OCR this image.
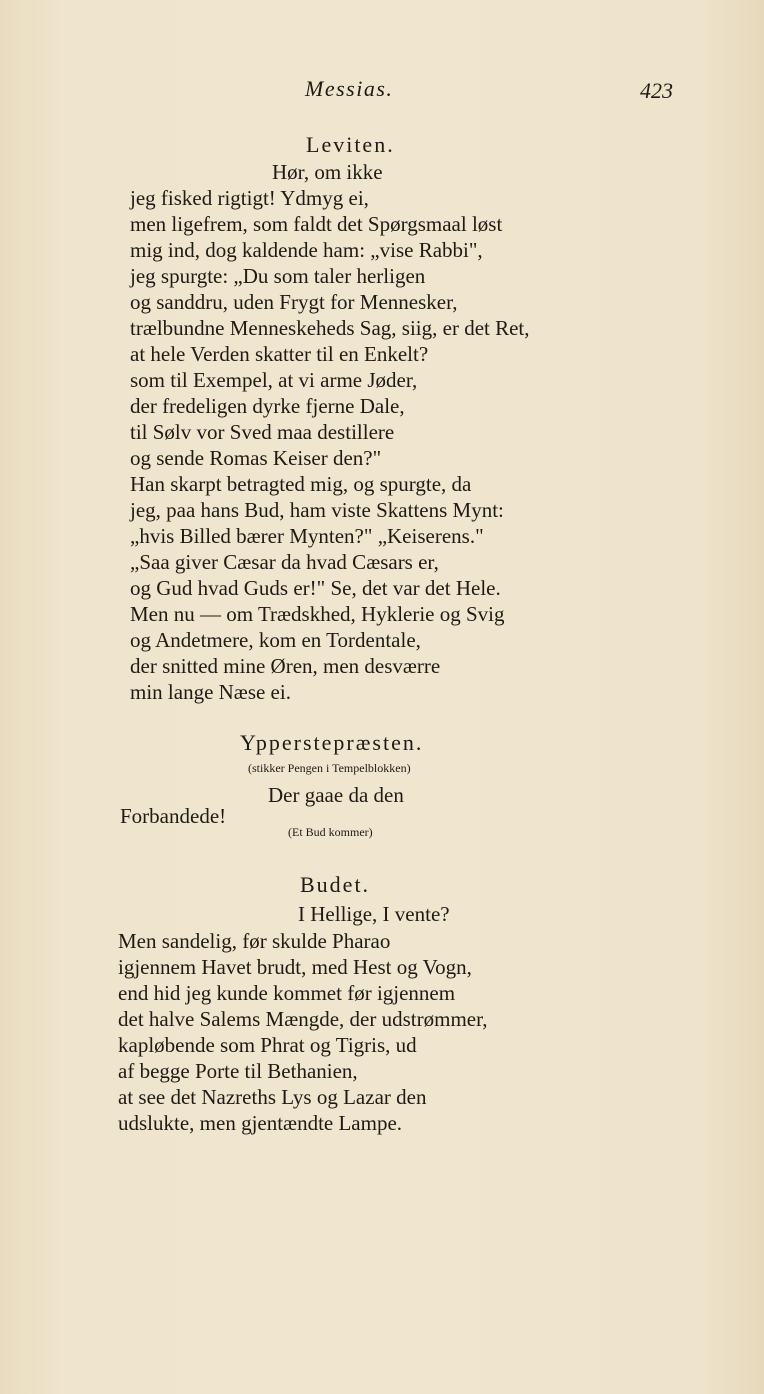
Messias.	423
Leviten.
Hør, om ikke
jeg fisked rigtigt! Ydmyg ei,
men ligefrem, som faldt det Spørgsmaal løst
mig ind, dog kaldende ham: „vise Rabbi",
jeg spurgte: „Du som taler herligen
og sanddru, uden Frygt for Mennesker,
trælbundne Menneskeheds Sag, siig, er det Ret,
at hele Verden skatter til en Enkelt?
som til Exempel, at vi arme Jøder,
der fredeligen dyrke fjerne Dale,
til Sølv vor Sved maa destillere
og sende Romas Keiser den?"
Han skarpt betragted mig, og spurgte, da
jeg, paa hans Bud, ham viste Skattens Mynt:
„hvis Billed bærer Mynten?" „Keiserens."
„Saa giver Cæsar da hvad Cæsars er,
og Gud hvad Guds er!" Se, det var det Hele.
Men nu — om Trædskhed, Hyklerie og Svig
og Andetmere, kom en Tordentale,
der snitted mine Øren, men desværre
min lange Næse ei.
Ypperstepræsten.
(stikker Pengen i Tempelblokken)
Der gaae da den
Forbandede!
(Et Bud kommer)
Budet.
I Hellige, I vente?
Men sandelig, før skulde Pharao
igjennem Havet brudt, med Hest og Vogn,
end hid jeg kunde kommet før igjennem
det halve Salems Mængde, der udstrømmer,
kapløbende som Phrat og Tigris, ud
af begge Porte til Bethanien,
at see det Nazreths Lys og Lazar den
udslukte, men gjentændte Lampe.
